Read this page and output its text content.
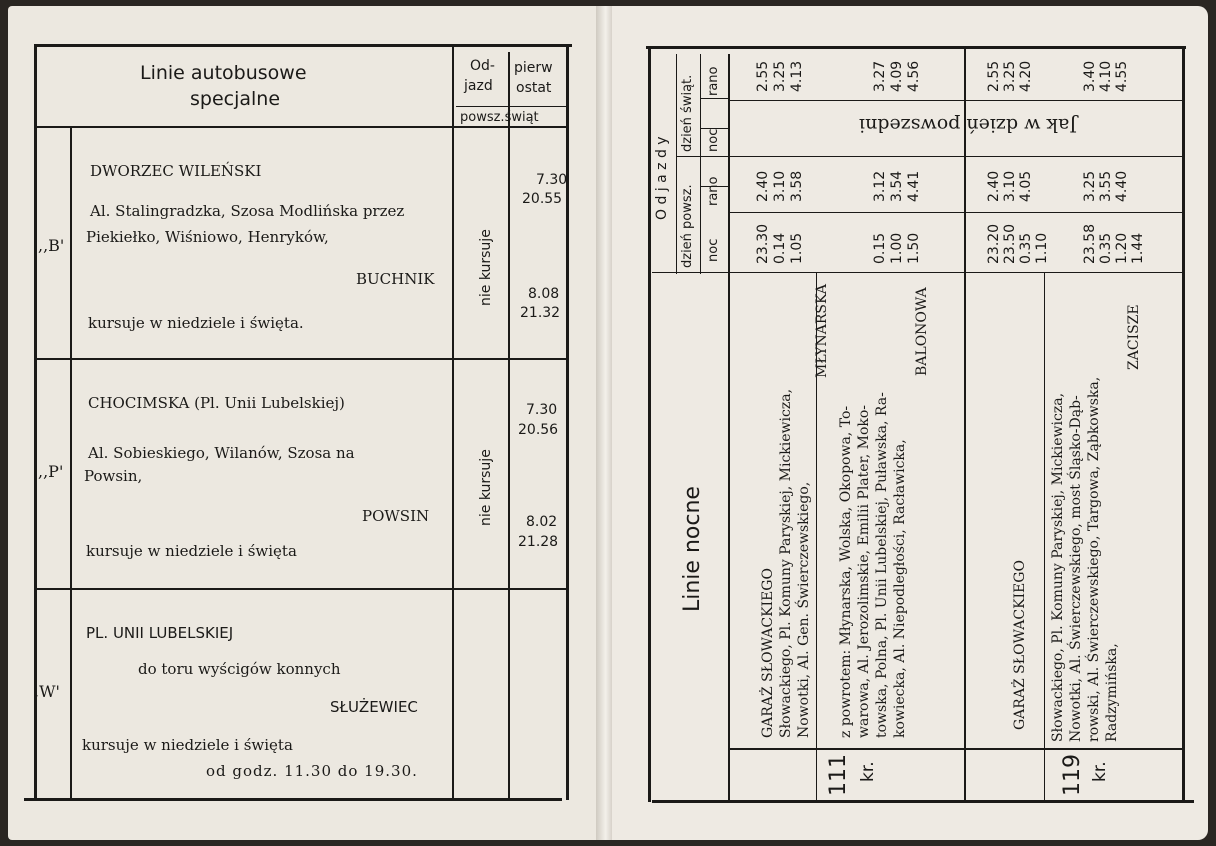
Linie autobusowe
specjalne
Od-
jazd
pierw
ostat
powsz.świąt
,,B'
DWORZEC WILEŃSKI
Al. Stalingradzka, Szosa Modlińska przez
Piekiełko, Wiśniowo, Henryków,
BUCHNIK
kursuje w niedziele i święta.
nie kursuje
7.30
20.55
8.08
21.32
,,P'
CHOCIMSKA (Pl. Unii Lubelskiej)
Al. Sobieskiego, Wilanów, Szosa na
Powsin,
POWSIN
kursuje w niedziele i święta
nie kursuje
7.30
20.56
8.02
21.28
,W'
PL. UNII LUBELSKIEJ
do toru wyścigów konnych
SŁUŻEWIEC
kursuje w niedziele i święta
od godz. 11.30 do 19.30.
Linie nocne
O d j a z d y
dzień powsz.
dzień świąt.
noc
rano
noc
rano
Jak w dzień powszedni
111 kr.
GARAŻ SŁOWACKIEGO Słowackiego, Pl. Komuny Paryskiej, Mickiewicza, Nowotki, Al. Gen. Świerczewskiego,
MŁYNARSKA
z powrotem: Młynarska, Wolska, Okopowa, To- warowa, Al. Jerozolimskie, Emilii Plater, Moko- towska, Polna, Pl. Unii Lubelskiej, Puławska, Ra- kowiecka, Al. Niepodległości, Racławicka,
BALONOWA
23.30 0.14 1.05
2.40 3.10 3.58
2.55 3.25 4.13
0.15 1.00 1.50
3.12 3.54 4.41
3.27 4.09 4.56
119 kr.
GARAŻ SŁOWACKIEGO Słowackiego, Pl. Komuny Paryskiej, Mickiewicza, Nowotki, Al. Świerczewskiego, most Śląsko-Dąb- rowski, Al. Świerczewskiego, Targowa, Ząbkowska, Radzymińska,
ZACISZE
23.20 23.50 0.35 1.10
2.40 3.10 4.05
2.55 3.25 4.20
23.58 0.35 1.20 1.44
3.25 3.55 4.40
3.40 4.10 4.55
